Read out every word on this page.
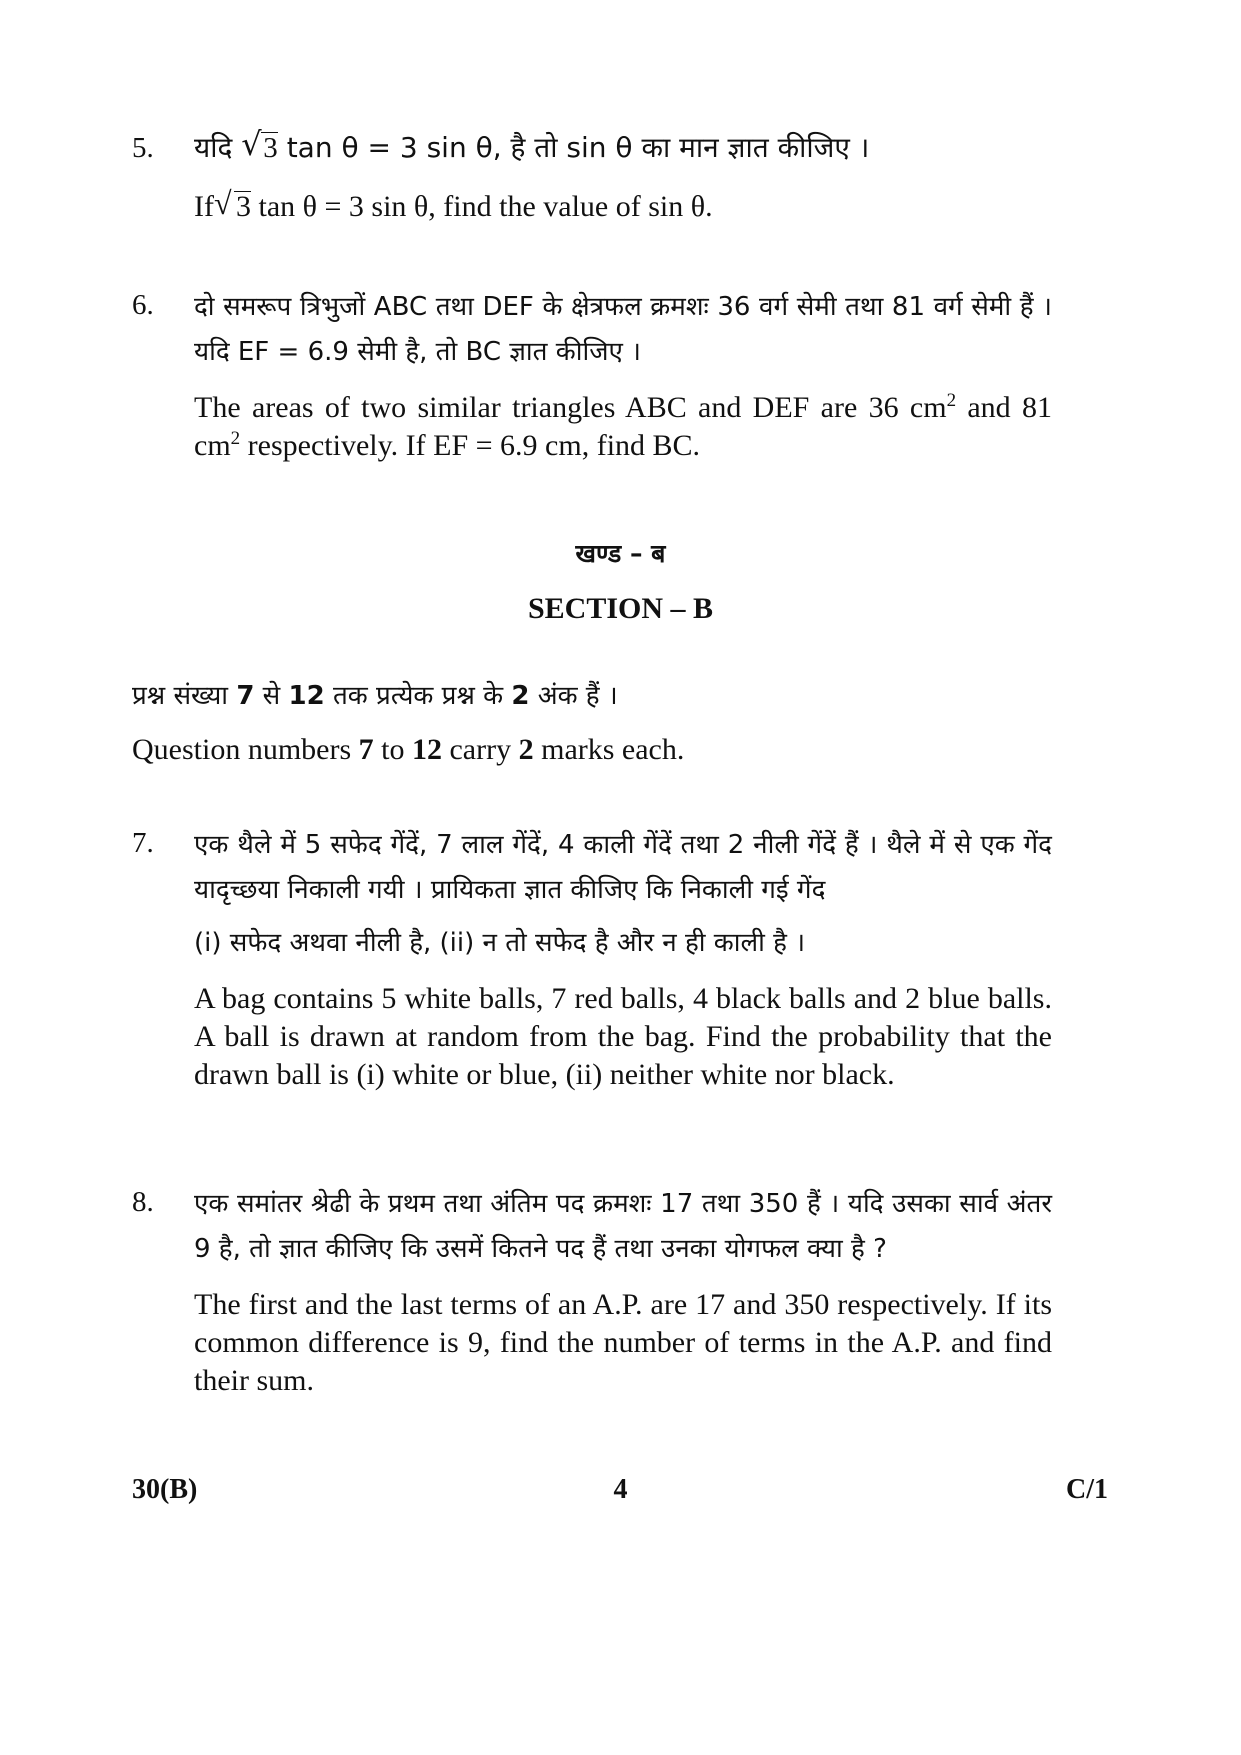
5. यदि √ 3 tan θ = 3 sin θ, है तो sin θ का मान ज्ञात कीजिए ।

If √ 3 tan θ = 3 sin θ, find the value of sin θ.

6. दो समरूप त्रिभुजों ABC तथा DEF के क्षेत्रफल क्रमशः 36 वर्ग सेमी तथा 81 वर्ग सेमी हैं । यदि EF = 6.9 सेमी है, तो BC ज्ञात कीजिए ।

The areas of two similar triangles ABC and DEF are 36 $cm^2$ and 81 $cm^2$ respectively. If EF = 6.9 cm, find BC.

खण्ड – ब
SECTION – B
प्रश्न संख्या 7 से 12 तक प्रत्येक प्रश्न के 2 अंक हैं ।
Question numbers 7 to 12 carry 2 marks each.
7. एक थैले में 5 सफेद गेंदें, 7 लाल गेंदें, 4 काली गेंदें तथा 2 नीली गेंदें हैं । थैले में से एक गेंद यादृच्छया निकाली गयी । प्रायिकता ज्ञात कीजिए कि निकाली गई गेंद

(i) सफेद अथवा नीली है, (ii) न तो सफेद है और न ही काली है ।

A bag contains 5 white balls, 7 red balls, 4 black balls and 2 blue balls. A ball is drawn at random from the bag. Find the probability that the drawn ball is (i) white or blue, (ii) neither white nor black.

8. एक समांतर श्रेढी के प्रथम तथा अंतिम पद क्रमशः 17 तथा 350 हैं । यदि उसका सार्व अंतर 9 है, तो ज्ञात कीजिए कि उसमें कितने पद हैं तथा उनका योगफल क्या है ?

The first and the last terms of an A.P. are 17 and 350 respectively. If its common difference is 9, find the number of terms in the A.P. and find their sum.

30(B)	4	C/1
